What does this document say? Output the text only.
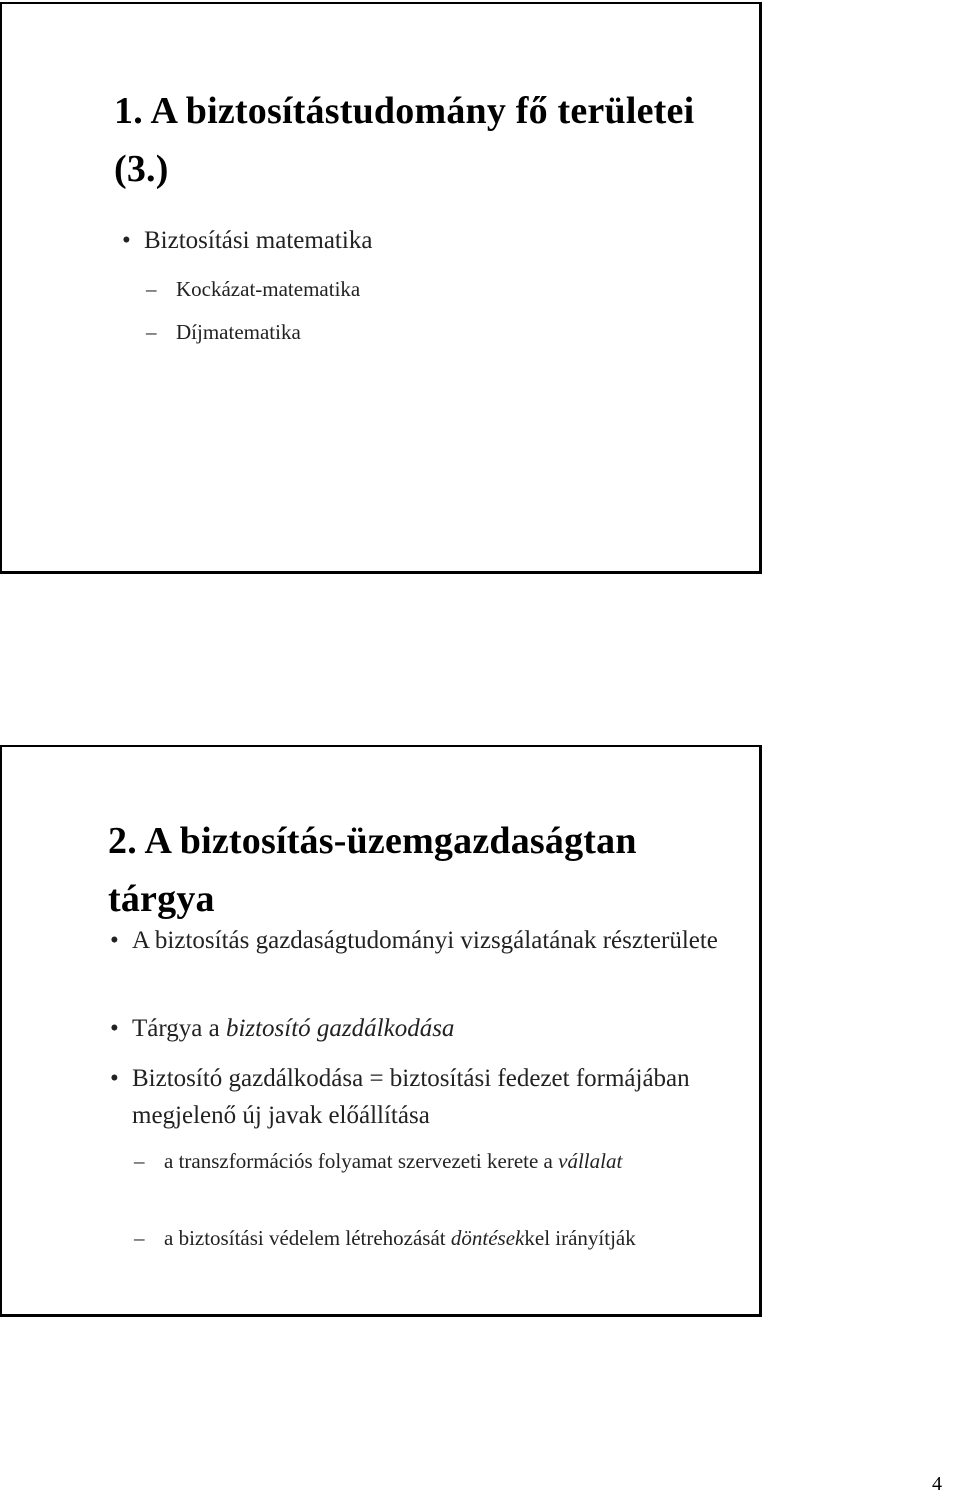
1. A biztosítástudomány fő területei (3.)
• Biztosítási matematika
– Kockázat-matematika
– Díjmatematika
2. A biztosítás-üzemgazdaságtan tárgya
• A biztosítás gazdaságtudományi vizsgálatának részterülete
• Tárgya a biztosító gazdálkodása
• Biztosító gazdálkodása = biztosítási fedezet formájában megjelenő új javak előállítása
– a transzformációs folyamat szervezeti kerete a vállalat
– a biztosítási védelem létrehozását döntésekkel irányítják
4
